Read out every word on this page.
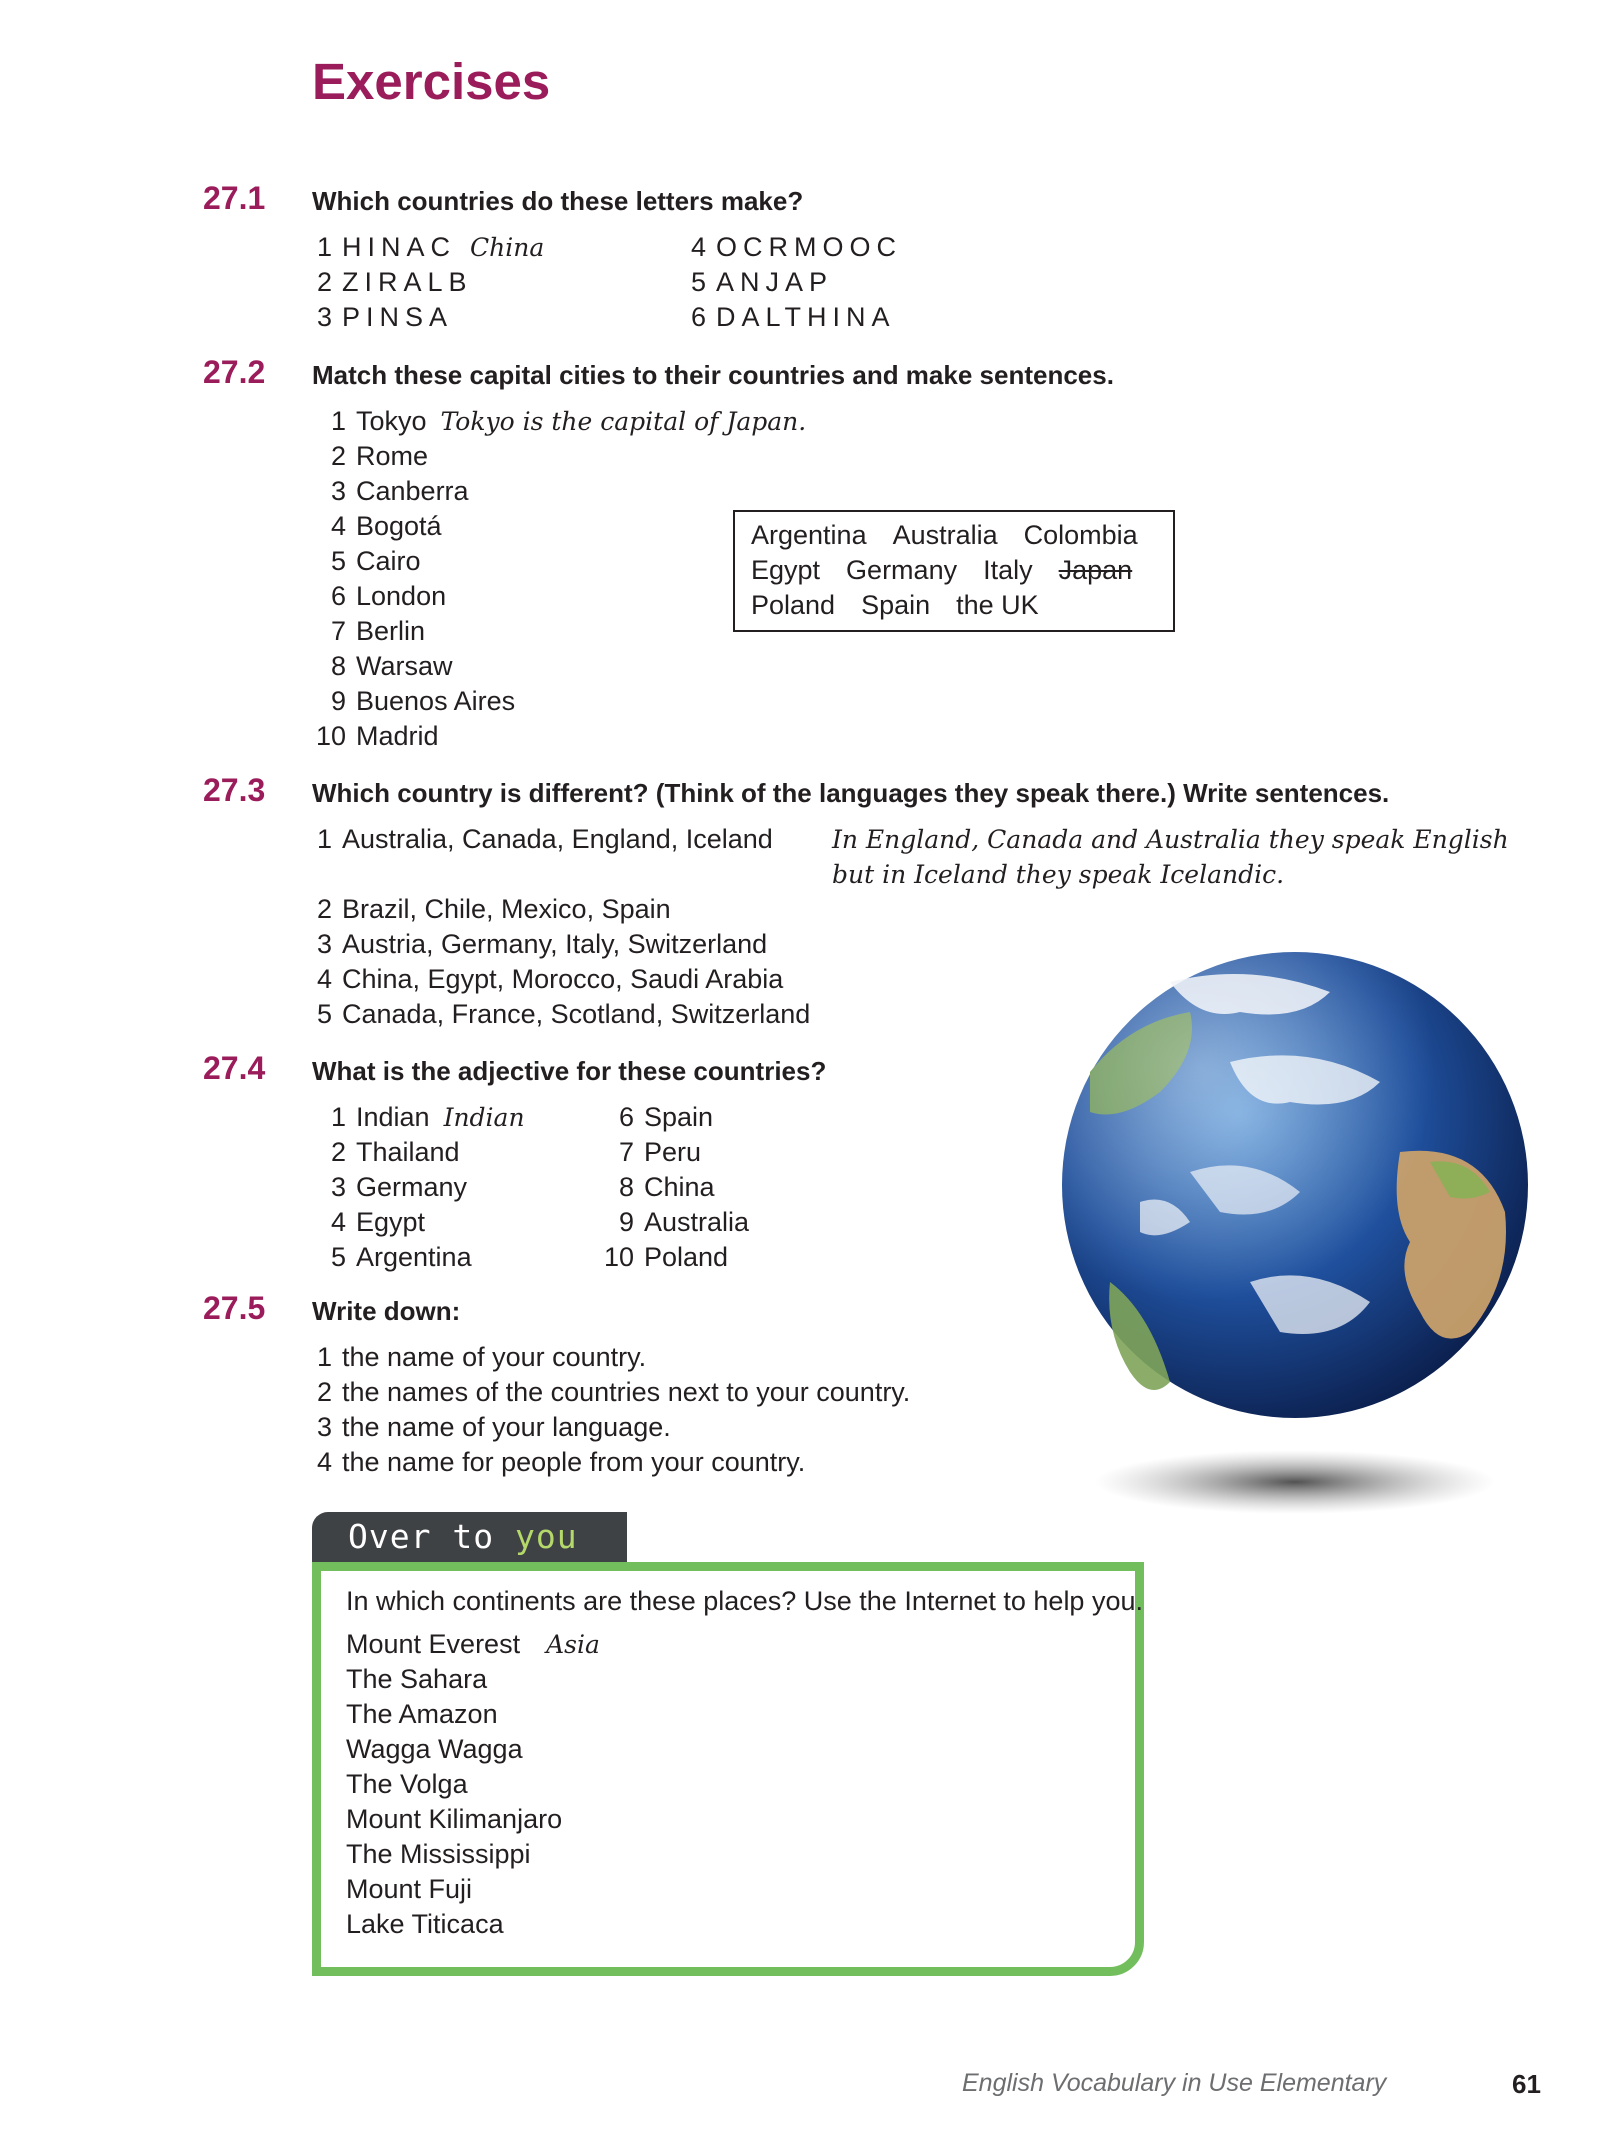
Exercises
27.1 Which countries do these letters make?
1 HINAC China
2 ZIRALB
3 PINSA
4 OCRMOOC
5 ANJAP
6 DALTHINA
27.2 Match these capital cities to their countries and make sentences.
1 Tokyo Tokyo is the capital of Japan.
2 Rome
3 Canberra
4 Bogotá
5 Cairo
6 London
7 Berlin
8 Warsaw
9 Buenos Aires
10 Madrid
Argentina Australia Colombia
Egypt Germany Italy Japan
Poland Spain the UK
27.3 Which country is different? (Think of the languages they speak there.) Write sentences.
1 Australia, Canada, England, Iceland

2 Brazil, Chile, Mexico, Spain
3 Austria, Germany, Italy, Switzerland
4 China, Egypt, Morocco, Saudi Arabia
5 Canada, France, Scotland, Switzerland
In England, Canada and Australia they speak English
but in Iceland they speak Icelandic.
27.4 What is the adjective for these countries?
1 Indian Indian
2 Thailand
3 Germany
4 Egypt
5 Argentina
6 Spain
7 Peru
8 China
9 Australia
10 Poland
27.5 Write down:
1 the name of your country.
2 the names of the countries next to your country.
3 the name of your language.
4 the name for people from your country.
Over to you
In which continents are these places? Use the Internet to help you.
Mount Everest Asia
The Sahara
The Amazon
Wagga Wagga
The Volga
Mount Kilimanjaro
The Mississippi
Mount Fuji
Lake Titicaca
English Vocabulary in Use Elementary	61
